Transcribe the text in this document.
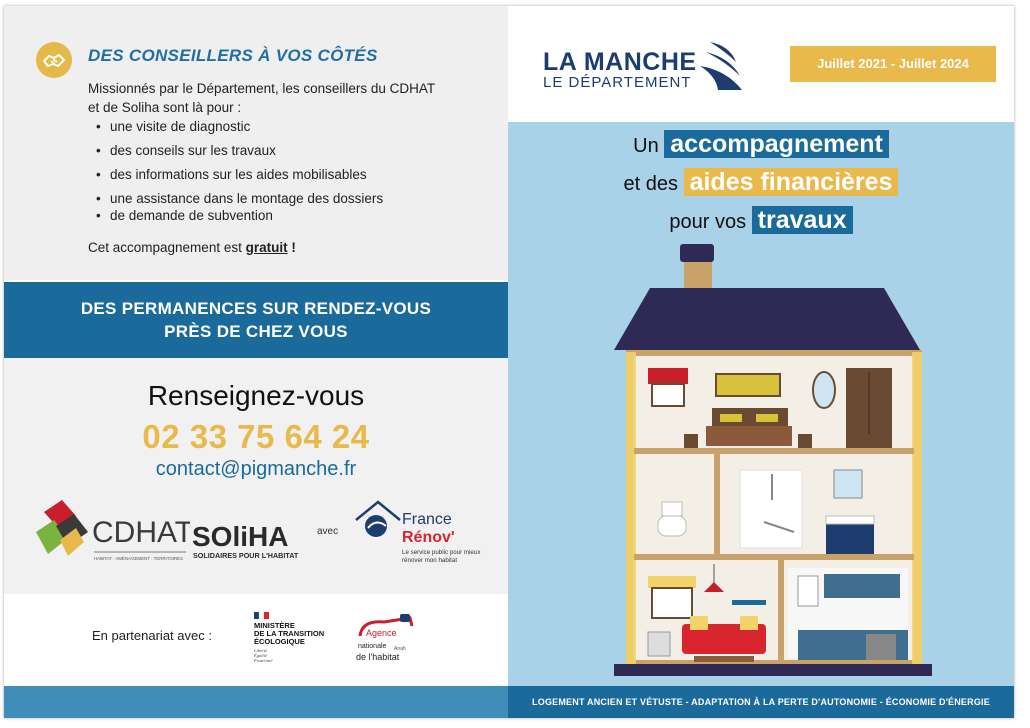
DES CONSEILLERS À VOS CÔTÉS
Missionnés par le Département, les conseillers du CDHAT
et de Soliha sont là pour :
• une visite de diagnostic
• des conseils sur les travaux
• des informations sur les aides mobilisables
• une assistance dans le montage des dossiers
• de demande de subvention
Cet accompagnement est gratuit !
DES PERMANENCES SUR RENDEZ-VOUS
PRÈS DE CHEZ VOUS
Renseignez-vous
02 33 75 64 24
contact@pigmanche.fr
CDHAT
HABITAT · AMÉNAGEMENT · TERRITOIRES
SOliHA
SOLIDAIRES POUR L'HABITAT
avec
France
Rénov'
Le service public pour mieux
rénover mon habitat
En partenariat avec :
MINISTÈRE
DE LA TRANSITION
ÉCOLOGIQUE
Liberté
Égalité
Fraternité
Agence
nationale Anah
de l'habitat
LA MANCHE
LE DÉPARTEMENT
Juillet 2021 - Juillet 2024
Un accompagnement
et des aides financières
pour vos travaux
LOGEMENT ANCIEN ET VÉTUSTE - ADAPTATION À LA PERTE D'AUTONOMIE - ÉCONOMIE D'ÉNERGIE
